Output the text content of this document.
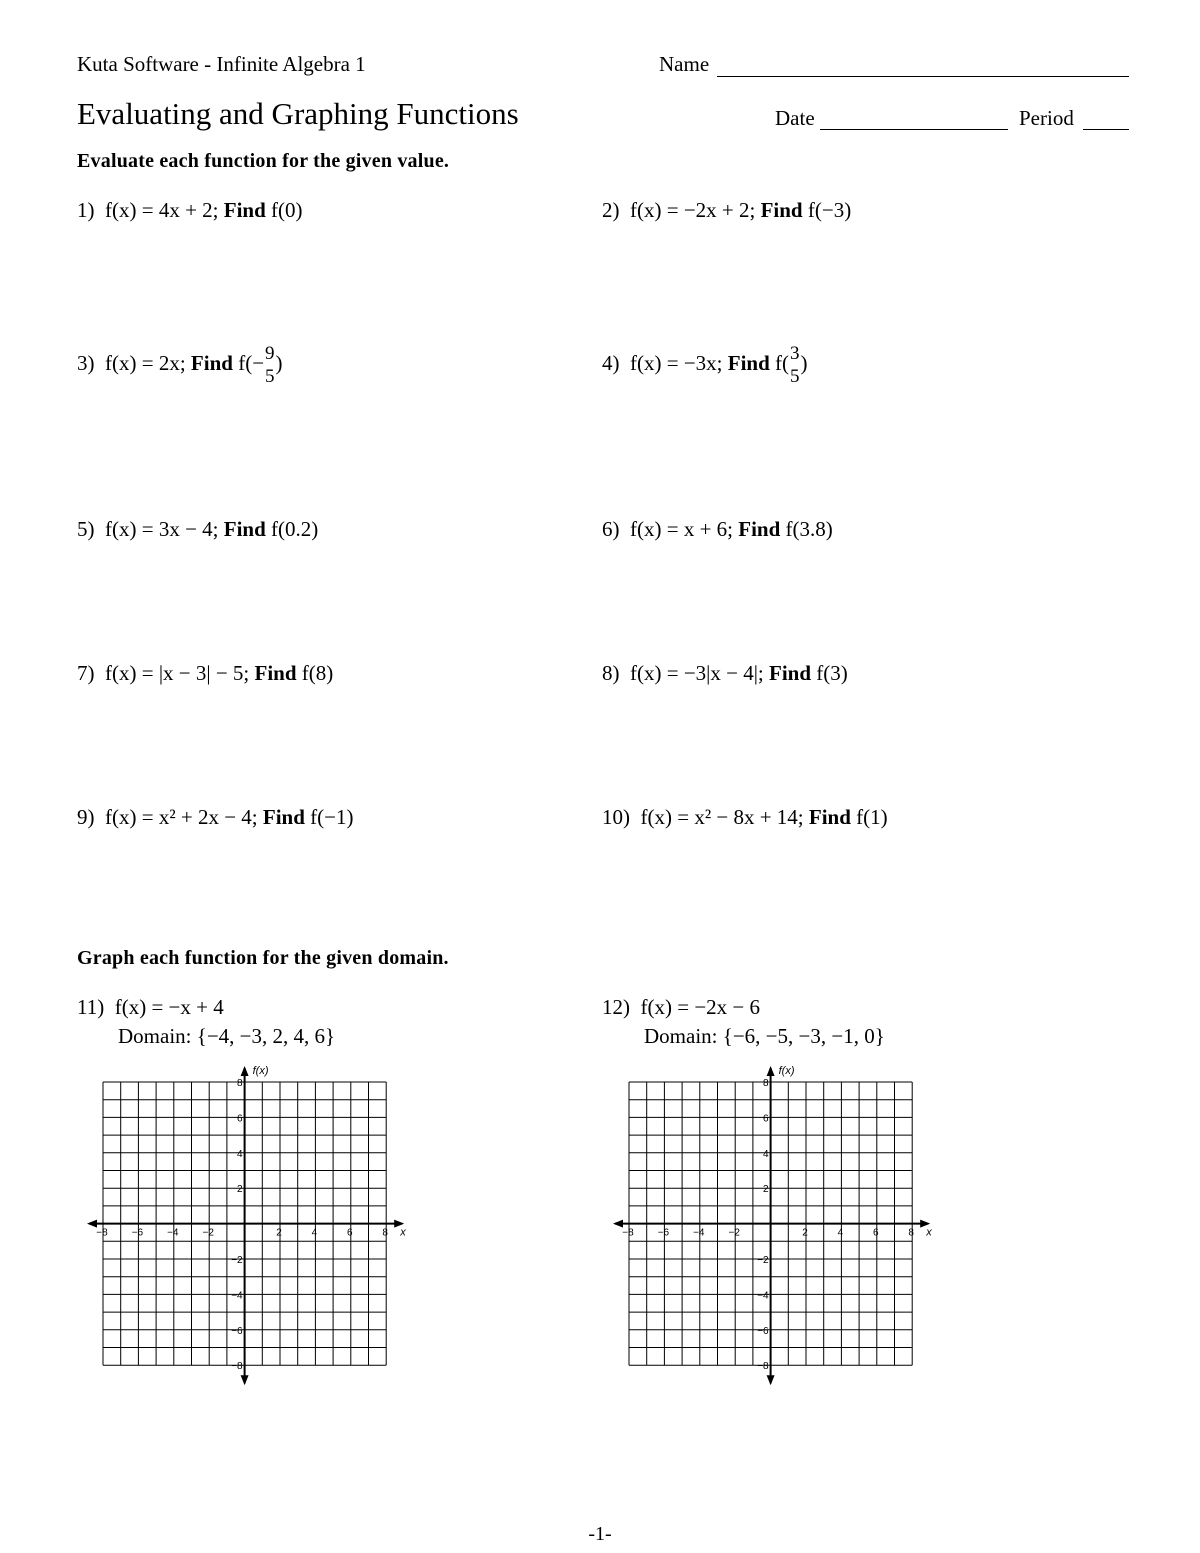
Kuta Software - Infinite Algebra 1	Name
Evaluating and Graphing Functions	Date	Period
Evaluate each function for the given value.
1) f(x) = 4x + 2; Find f(0)	2) f(x) = −2x + 2; Find f(−3)
3) f(x) = 2x; Find f(− 9
5
)	4) f(x) = −3x; Find f( 3
5
)
5) f(x) = 3x − 4; Find f(0.2)	6) f(x) = x + 6; Find f(3.8)
7) f(x) = |x − 3| − 5; Find f(8)	8) f(x) = −3|x − 4|; Find f(3)
9) f(x) = x² + 2x − 4; Find f(−1)	10) f(x) = x² − 8x + 14; Find f(1)
Graph each function for the given domain.
11) f(x) = −x + 4
Domain: {−4, −3, 2, 4, 6}
12) f(x) = −2x − 6
Domain: {−6, −5, −3, −1, 0}
−8 −6 −4 −2	2	4	6	8
8
6
4
2
−2
−4
−6
−8
f(x)
x	−8 −6 −4 −2	2	4	6	8
8
6
4
2
−2
−4
−6
−8
f(x)
x
-1-
